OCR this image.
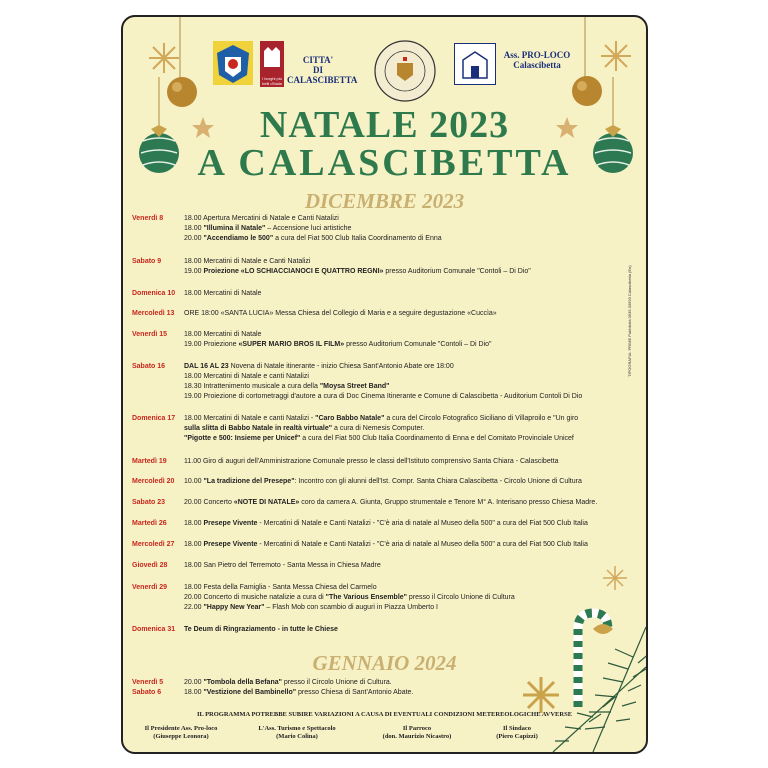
I borghi più belli d'Italia
CITTA'
DI
CALASCIBETTA
Ass. PRO-LOCO
Calascibetta
NATALE 2023
A CALASCIBETTA
DICEMBRE 2023
Venerdì 8	18.00 Apertura Mercatini di Natale e Canti Natalizi
18.00 "Illumina il Natale" – Accensione luci artistiche
20.00 "Accendiamo le 500" a cura del Fiat 500 Club Italia Coordinamento di Enna
Sabato 9	18.00 Mercatini di Natale e Canti Natalizi
19.00 Proiezione «LO SCHIACCIANOCI E QUATTRO REGNI» presso Auditorium Comunale "Contoli – Di Dio"
Domenica 10	18.00 Mercatini di Natale
Mercoledì 13	ORE 18:00 «SANTA LUCIA» Messa Chiesa del Collegio di Maria e a seguire degustazione «Cuccìa»
Venerdì 15	18.00 Mercatini di Natale
19.00 Proiezione «SUPER MARIO BROS IL FILM» presso Auditorium Comunale "Contoli – Di Dio"
Sabato 16	DAL 16 AL 23 Novena di Natale itinerante - inizio Chiesa Sant'Antonio Abate ore 18:00
18.00 Mercatini di Natale e canti Natalizi
18.30 Intrattenimento musicale a cura della "Moysa Street Band"
19.00 Proiezione di cortometraggi d'autore a cura di Doc Cinema Itinerante e Comune di Calascibetta - Auditorium Contoli Di Dio
Domenica 17	18.00 Mercatini di Natale e canti Natalizi - "Caro Babbo Natale" a cura del Circolo Fotografico Siciliano di Villaproilo e "Un giro
sulla slitta di Babbo Natale in realtà virtuale" a cura di Nemesis Computer.
"Pigotte e 500: Insieme per Unicef" a cura del Fiat 500 Club Italia Coordinamento di Enna e del Comitato Provinciale Unicef
Martedì 19	11.00 Giro di auguri dell'Amministrazione Comunale presso le classi dell'Istituto comprensivo Santa Chiara - Calascibetta
Mercoledì 20	10.00 "La tradizione del Presepe": Incontro con gli alunni dell'Ist. Compr. Santa Chiara Calascibetta - Circolo Unione di Cultura
Sabato 23	20.00 Concerto «NOTE DI NATALE» coro da camera A. Giunta, Gruppo strumentale e Tenore M° A. Interisano presso Chiesa Madre.
Martedì 26	18.00 Presepe Vivente - Mercatini di Natale e Canti Natalizi - "C'è aria di natale al Museo della 500" a cura del Fiat 500 Club Italia
Mercoledì 27	18.00 Presepe Vivente - Mercatini di Natale e Canti Natalizi - "C'è aria di natale al Museo della 500" a cura del Fiat 500 Club Italia
Giovedì 28	18.00 San Pietro del Terremoto - Santa Messa in Chiesa Madre
Venerdì 29	18.00 Festa della Famiglia - Santa Messa Chiesa del Carmelo
20.00 Concerto di musiche natalizie a cura di "The Various Ensemble" presso il Circolo Unione di Cultura
22.00 "Happy New Year" – Flash Mob con scambio di auguri in Piazza Umberto I
Domenica 31	Te Deum di Ringraziamento - in tutte le Chiese
GENNAIO 2024
Venerdì 5	20.00 "Tombola della Befana" presso il Circolo Unione di Cultura.
Sabato 6	18.00 "Vestizione del Bambinello" presso Chiesa di Sant'Antonio Abate.
IL PROGRAMMA POTREBBE SUBIRE VARIAZIONI A CAUSA DI EVENTUALI CONDIZIONI METEREOLOGICHE AVVERSE
Il Presidente Ass. Pro-loco
(Giuseppe Leonora)
L'Ass. Turismo e Spettacolo
(Mario Colina)
Il Parroco
(don. Maurizio Nicastro)
Il Sindaco
(Piero Capizzi)
TIPOGRAFIA: PRIME Pubblicità 0935.33993 Calascibetta (En)
